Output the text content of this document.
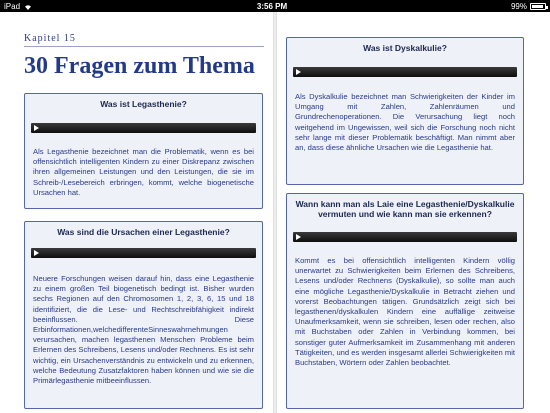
iPad	3:56 PM	99%
Kapitel 15
30 Fragen zum Thema
Was ist Legasthenie?

Als Legasthenie bezeichnet man die Problematik, wenn es bei offensichtlich intelligenten Kindern zu einer Diskrepanz zwischen ihren allgemeinen Leistungen und den Leistungen, die sie im Schreib-/Lesebereich erbringen, kommt, welche biogenetische Ursachen hat.

Was sind die Ursachen einer Legasthenie?

Neuere Forschungen weisen darauf hin, dass eine Legasthenie zu einem großen Teil biogenetisch bedingt ist. Bisher wurden sechs Regionen auf den Chromosomen 1, 2, 3, 6, 15 und 18 identifiziert, die die Lese- und Rechtschreibfähigkeit indirekt beeinflussen. Diese Erbinformationen,welchedifferenteSinneswahrnehmungen verursachen, machen legasthenen Menschen Probleme beim Erlernen des Schreibens, Lesens und/oder Rechnens. Es ist sehr wichtig, ein Ursachenverständnis zu entwickeln und zu erkennen, welche Bedeutung Zusatzfaktoren haben können und wie sie die Primärlegasthenie mitbeeinflussen.

Was ist Dyskalkulie?

Als Dyskalkulie bezeichnet man Schwierigkeiten der Kinder im Umgang mit Zahlen, Zahlenräumen und Grundrechenoperationen. Die Verursachung liegt noch weitgehend im Ungewissen, weil sich die Forschung noch nicht sehr lange mit dieser Problematik beschäftigt. Man nimmt aber an, dass diese ähnliche Ursachen wie die Legasthenie hat.

Wann kann man als Laie eine Legasthenie/Dyskalkulie vermuten und wie kann man sie erkennen?

Kommt es bei offensichtlich intelligenten Kindern völlig unerwartet zu Schwierigkeiten beim Erlernen des Schreibens, Lesens und/oder Rechnens (Dyskalkulie), so sollte man auch eine mögliche Legasthenie/Dyskalkulie in Betracht ziehen und vorerst Beobachtungen tätigen. Grundsätzlich zeigt sich bei legasthenen/dyskalkulen Kindern eine auffällige zeitweise Unaufmerksamkeit, wenn sie schreiben, lesen oder rechen, also mit Buchstaben oder Zahlen in Verbindung kommen, bei sonstiger guter Aufmerksamkeit im Zusammenhang mit anderen Tätigkeiten, und es werden insgesamt allerlei Schwierigkeiten mit Buchstaben, Wörtern oder Zahlen beobachtet.
